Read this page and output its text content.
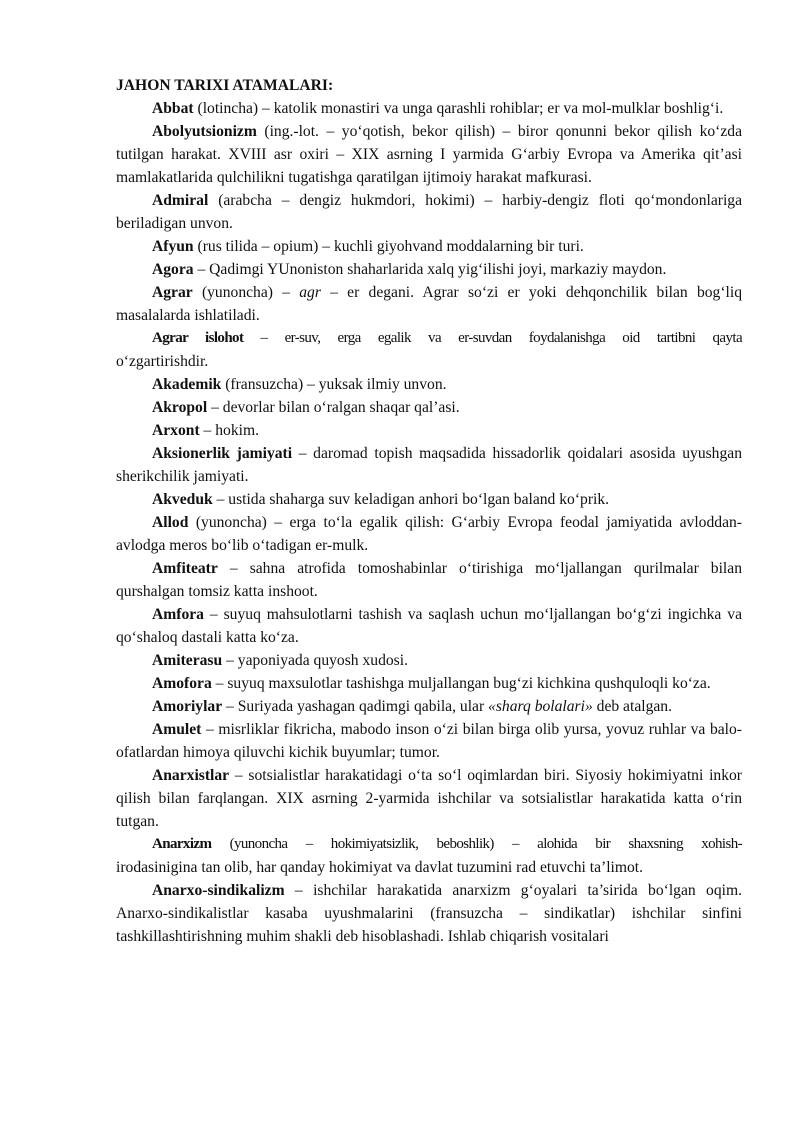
JAHON TARIXI ATAMALARI:

Abbat (lotincha) – katolik monastiri va unga qarashli rohiblar; er va mol-mulklar boshlig‘i.

Abolyutsionizm (ing.-lot. – yo‘qotish, bekor qilish) – biror qonunni bekor qilish ko‘zda tutilgan harakat. XVIII asr oxiri – XIX asrning I yarmida G‘arbiy Evropa va Amerika qit’asi mamlakatlarida qulchilikni tugatishga qaratilgan ijtimoiy harakat mafkurasi.

Admiral (arabcha – dengiz hukmdori, hokimi) – harbiy-dengiz floti qo‘mondonlariga beriladigan unvon.

Afyun (rus tilida – opium) – kuchli giyohvand moddalarning bir turi.

Agora – Qadimgi YUnoniston shaharlarida xalq yig‘ilishi joyi, markaziy maydon.

Agrar (yunoncha) – agr – er degani. Agrar so‘zi er yoki dehqonchilik bilan bog‘liq masalalarda ishlatiladi.

Agrar islohot – er-suv, erga egalik va er-suvdan foydalanishga oid tartibni qayta
o‘zgartirishdir.

Akademik (fransuzcha) – yuksak ilmiy unvon.

Akropol – devorlar bilan o‘ralgan shaqar qal’asi.

Arxont – hokim.

Aksionerlik jamiyati – daromad topish maqsadida hissadorlik qoidalari asosida uyushgan sherikchilik jamiyati.

Akveduk – ustida shaharga suv keladigan anhori bo‘lgan baland ko‘prik.

Allod (yunoncha) – erga to‘la egalik qilish: G‘arbiy Evropa feodal jamiyatida avloddan-avlodga meros bo‘lib o‘tadigan er-mulk.

Amfiteatr – sahna atrofida tomoshabinlar o‘tirishiga mo‘ljallangan qurilmalar bilan qurshalgan tomsiz katta inshoot.

Amfora – suyuq mahsulotlarni tashish va saqlash uchun mo‘ljallangan bo‘g‘zi ingichka va qo‘shaloq dastali katta ko‘za.

Amiterasu – yaponiyada quyosh xudosi.

Amofora – suyuq maxsulotlar tashishga muljallangan bug‘zi kichkina qushquloqli ko‘za.

Amoriylar – Suriyada yashagan qadimgi qabila, ular «sharq bolalari» deb atalgan.

Amulet – misrliklar fikricha, mabodo inson o‘zi bilan birga olib yursa, yovuz ruhlar va balo-ofatlardan himoya qiluvchi kichik buyumlar; tumor.

Anarxistlar – sotsialistlar harakatidagi o‘ta so‘l oqimlardan biri. Siyosiy hokimiyatni inkor qilish bilan farqlangan. XIX asrning 2-yarmida ishchilar va sotsialistlar harakatida katta o‘rin tutgan.

Anarxizm (yunoncha – hokimiyatsizlik, beboshlik) – alohida bir shaxsning xohish-
irodasinigina tan olib, har qanday hokimiyat va davlat tuzumini rad etuvchi ta’limot.

Anarxo-sindikalizm – ishchilar harakatida anarxizm g‘oyalari ta’sirida bo‘lgan oqim. Anarxo-sindikalistlar kasaba uyushmalarini (fransuzcha – sindikatlar) ishchilar sinfini tashkillashtirishning muhim shakli deb hisoblashadi. Ishlab chiqarish vositalari
